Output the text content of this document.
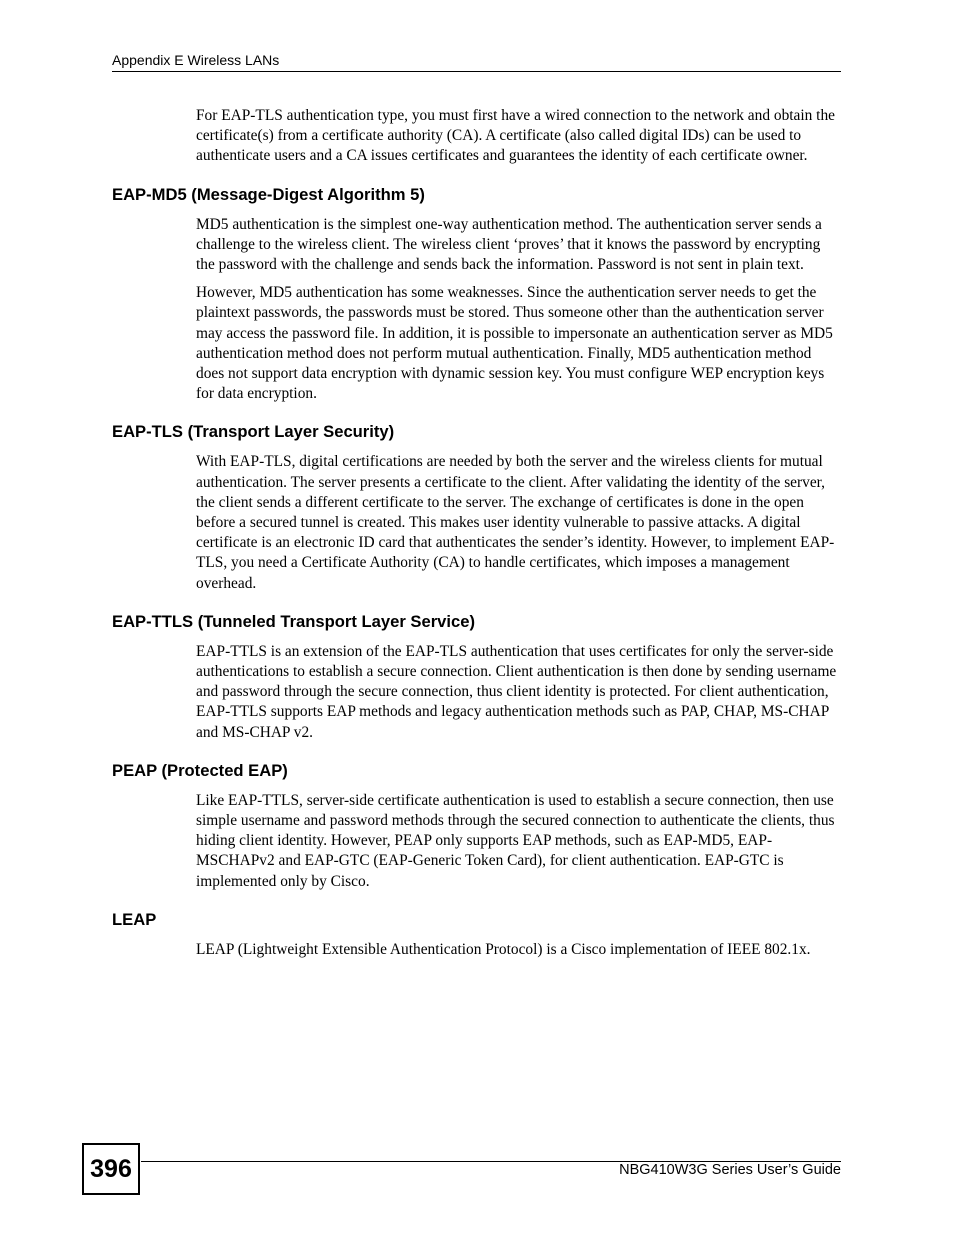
Appendix E Wireless LANs

For EAP-TLS authentication type, you must first have a wired connection to the network and obtain the certificate(s) from a certificate authority (CA). A certificate (also called digital IDs) can be used to authenticate users and a CA issues certificates and guarantees the identity of each certificate owner.

EAP-MD5 (Message-Digest Algorithm 5)

MD5 authentication is the simplest one-way authentication method. The authentication server sends a challenge to the wireless client. The wireless client ‘proves’ that it knows the password by encrypting the password with the challenge and sends back the information. Password is not sent in plain text.

However, MD5 authentication has some weaknesses. Since the authentication server needs to get the plaintext passwords, the passwords must be stored. Thus someone other than the authentication server may access the password file. In addition, it is possible to impersonate an authentication server as MD5 authentication method does not perform mutual authentication. Finally, MD5 authentication method does not support data encryption with dynamic session key. You must configure WEP encryption keys for data encryption.

EAP-TLS (Transport Layer Security)

With EAP-TLS, digital certifications are needed by both the server and the wireless clients for mutual authentication. The server presents a certificate to the client. After validating the identity of the server, the client sends a different certificate to the server. The exchange of certificates is done in the open before a secured tunnel is created. This makes user identity vulnerable to passive attacks. A digital certificate is an electronic ID card that authenticates the sender’s identity. However, to implement EAP-TLS, you need a Certificate Authority (CA) to handle certificates, which imposes a management overhead.

EAP-TTLS (Tunneled Transport Layer Service)

EAP-TTLS is an extension of the EAP-TLS authentication that uses certificates for only the server-side authentications to establish a secure connection. Client authentication is then done by sending username and password through the secure connection, thus client identity is protected. For client authentication, EAP-TTLS supports EAP methods and legacy authentication methods such as PAP, CHAP, MS-CHAP and MS-CHAP v2.

PEAP (Protected EAP)

Like EAP-TTLS, server-side certificate authentication is used to establish a secure connection, then use simple username and password methods through the secured connection to authenticate the clients, thus hiding client identity. However, PEAP only supports EAP methods, such as EAP-MD5, EAP-MSCHAPv2 and EAP-GTC (EAP-Generic Token Card), for client authentication. EAP-GTC is implemented only by Cisco.

LEAP

LEAP (Lightweight Extensible Authentication Protocol) is a Cisco implementation of IEEE 802.1x.

396	NBG410W3G Series User’s Guide
